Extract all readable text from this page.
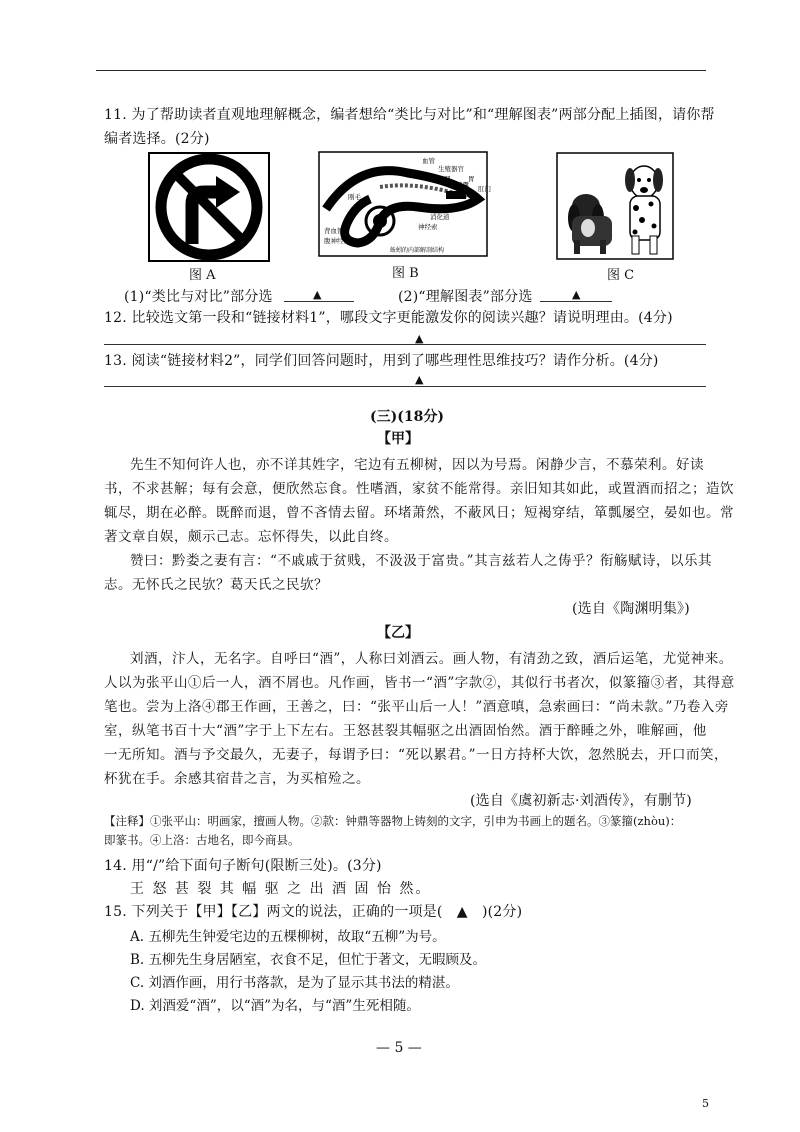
11. 为了帮助读者直观地理解概念，编者想给“类比与对比”和“理解图表”两部分配上插图，请你帮
编者选择。(2分)
图 A
血管
生殖器官
刚毛
咽
嗉囊
胃
肛门
消化道
背血管
腹神经索
神经索
蚯蚓的内部解剖结构
图 B	图 C
(1)“类比与对比”部分选	▲	(2)“理解图表”部分选	▲
12. 比较选文第一段和“链接材料1”，哪段文字更能激发你的阅读兴趣？请说明理由。(4分)
▲
13. 阅读“链接材料2”，同学们回答问题时，用到了哪些理性思维技巧？请作分析。(4分)
▲
(三)(18分)
【甲】
先生不知何许人也，亦不详其姓字，宅边有五柳树，因以为号焉。闲静少言，不慕荣利。好读
书，不求甚解；每有会意，便欣然忘食。性嗜酒，家贫不能常得。亲旧知其如此，或置酒而招之；造饮
辄尽，期在必醉。既醉而退，曾不吝情去留。环堵萧然，不蔽风日；短褐穿结，箪瓢屡空，晏如也。常
著文章自娱，颇示己志。忘怀得失，以此自终。
赞曰：黔娄之妻有言：“不戚戚于贫贱，不汲汲于富贵。”其言兹若人之俦乎？衔觞赋诗，以乐其
志。无怀氏之民欤？葛天氏之民欤？
(选自《陶渊明集》)
【乙】
刘酒，汴人，无名字。自呼曰“酒”，人称曰刘酒云。画人物，有清劲之致，酒后运笔，尤觉神来。
人以为张平山①后一人，酒不屑也。凡作画，皆书一“酒”字款②，其似行书者次，似篆籀③者，其得意
笔也。尝为上洛④郡王作画，王善之，曰：“张平山后一人！”酒意嗔，急索画曰：“尚未款。”乃卷入旁
室，纵笔书百十大“酒”字于上下左右。王怒甚裂其幅驱之出酒固怡然。酒于醉睡之外，唯解画，他
一无所知。酒与予交最久，无妻子，每谓予曰：“死以累君。”一日方持杯大饮，忽然脱去，开口而笑，
杯犹在手。余感其宿昔之言，为买棺殓之。
(选自《虞初新志·刘酒传》，有删节)
【注释】①张平山：明画家，擅画人物。②款：钟鼎等器物上铸刻的文字，引申为书画上的题名。③篆籀(zhòu)：
即篆书。④上洛：古地名，即今商县。
14. 用“/”给下面句子断句(限断三处)。(3分)
王 怒 甚 裂 其 幅 驱 之 出 酒 固 怡 然。
15. 下列关于【甲】【乙】两文的说法，正确的一项是(　▲　)(2分)
A. 五柳先生钟爱宅边的五棵柳树，故取“五柳”为号。
B. 五柳先生身居陋室，衣食不足，但忙于著文，无暇顾及。
C. 刘酒作画，用行书落款，是为了显示其书法的精湛。
D. 刘酒爱“酒”，以“酒”为名，与“酒”生死相随。
— 5 —
5
